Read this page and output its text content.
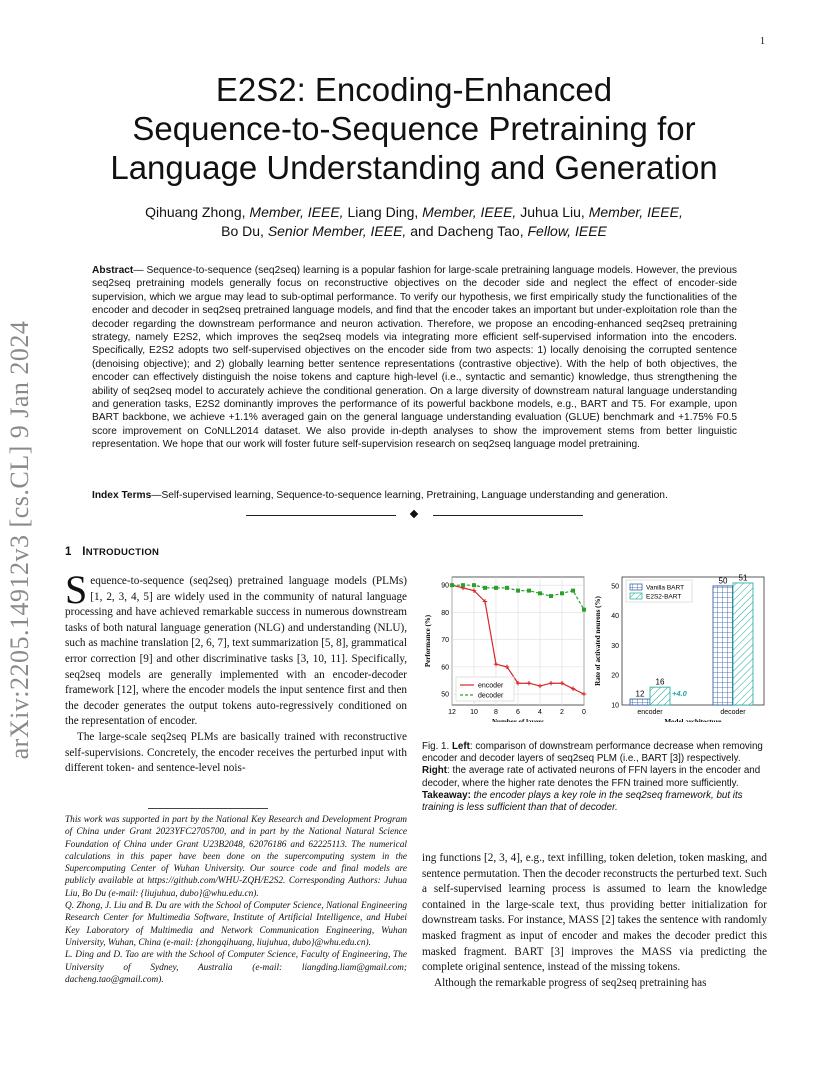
1
arXiv:2205.14912v3 [cs.CL] 9 Jan 2024
E2S2: Encoding-Enhanced
Sequence-to-Sequence Pretraining for
Language Understanding and Generation
Qihuang Zhong, Member, IEEE, Liang Ding, Member, IEEE, Juhua Liu, Member, IEEE,
Bo Du, Senior Member, IEEE, and Dacheng Tao, Fellow, IEEE
Abstract— Sequence-to-sequence (seq2seq) learning is a popular fashion for large-scale pretraining language models. However, the previous seq2seq pretraining models generally focus on reconstructive objectives on the decoder side and neglect the effect of encoder-side supervision, which we argue may lead to sub-optimal performance. To verify our hypothesis, we first empirically study the functionalities of the encoder and decoder in seq2seq pretrained language models, and find that the encoder takes an important but under-exploitation role than the decoder regarding the downstream performance and neuron activation. Therefore, we propose an encoding-enhanced seq2seq pretraining strategy, namely E2S2, which improves the seq2seq models via integrating more efficient self-supervised information into the encoders. Specifically, E2S2 adopts two self-supervised objectives on the encoder side from two aspects: 1) locally denoising the corrupted sentence (denoising objective); and 2) globally learning better sentence representations (contrastive objective). With the help of both objectives, the encoder can effectively distinguish the noise tokens and capture high-level (i.e., syntactic and semantic) knowledge, thus strengthening the ability of seq2seq model to accurately achieve the conditional generation. On a large diversity of downstream natural language understanding and generation tasks, E2S2 dominantly improves the performance of its powerful backbone models, e.g., BART and T5. For example, upon BART backbone, we achieve +1.1% averaged gain on the general language understanding evaluation (GLUE) benchmark and +1.75% F0.5 score improvement on CoNLL2014 dataset. We also provide in-depth analyses to show the improvement stems from better linguistic representation. We hope that our work will foster future self-supervision research on seq2seq language model pretraining.
Index Terms—Self-supervised learning, Sequence-to-sequence learning, Pretraining, Language understanding and generation.
1 INTRODUCTION

Sequence-to-sequence (seq2seq) pretrained language models (PLMs) [1, 2, 3, 4, 5] are widely used in the community of natural language processing and have achieved remarkable success in numerous downstream tasks of both natural language generation (NLG) and understanding (NLU), such as machine translation [2, 6, 7], text summarization [5, 8], grammatical error correction [9] and other discriminative tasks [3, 10, 11]. Specifically, seq2seq models are generally implemented with an encoder-decoder framework [12], where the encoder models the input sentence first and then the decoder generates the output tokens auto-regressively conditioned on the representation of encoder.

The large-scale seq2seq PLMs are basically trained with reconstructive self-supervisions. Concretely, the encoder receives the perturbed input with different token- and sentence-level nois-

This work was supported in part by the National Key Research and Development Program of China under Grant 2023YFC2705700, and in part by the National Natural Science Foundation of China under Grant U23B2048, 62076186 and 62225113. The numerical calculations in this paper have been done on the supercomputing system in the Supercomputing Center of Wuhan University. Our source code and final models are publicly available at https://github.com/WHU-ZQH/E2S2. Corresponding Authors: Juhua Liu, Bo Du (e-mail: {liujuhua, dubo}@whu.edu.cn).

Q. Zhong, J. Liu and B. Du are with the School of Computer Science, National Engineering Research Center for Multimedia Software, Institute of Artificial Intelligence, and Hubei Key Laboratory of Multimedia and Network Communication Engineering, Wuhan University, Wuhan, China (e-mail: {zhongqihuang, liujuhua, dubo}@whu.edu.cn).

L. Ding and D. Tao are with the School of Computer Science, Faculty of Engineering, The University of Sydney, Australia (e-mail: liangding.liam@gmail.com; dacheng.tao@gmail.com).

50
60
70
80
90
12 10 8	6	4	2	0
Number of layers
Performance (%)
encoder
decoder
10
20
30
40
50
Rate of activated neurons (%)
Model architecture
encoder
12
16
decoder
50 51
+4.0
Vanilla BART
E2S2-BART
Fig. 1. Left: comparison of downstream performance decrease when removing encoder and decoder layers of seq2seq PLM (i.e., BART [3]) respectively. Right: the average rate of activated neurons of FFN layers in the encoder and decoder, where the higher rate denotes the FFN trained more sufficiently. Takeaway: the encoder plays a key role in the seq2seq framework, but its training is less sufficient than that of decoder.

ing functions [2, 3, 4], e.g., text infilling, token deletion, token masking, and sentence permutation. Then the decoder reconstructs the perturbed text. Such a self-supervised learning process is assumed to learn the knowledge contained in the large-scale text, thus providing better initialization for downstream tasks. For instance, MASS [2] takes the sentence with randomly masked fragment as input of encoder and makes the decoder predict this masked fragment. BART [3] improves the MASS via predicting the complete original sentence, instead of the missing tokens.

Although the remarkable progress of seq2seq pretraining has
